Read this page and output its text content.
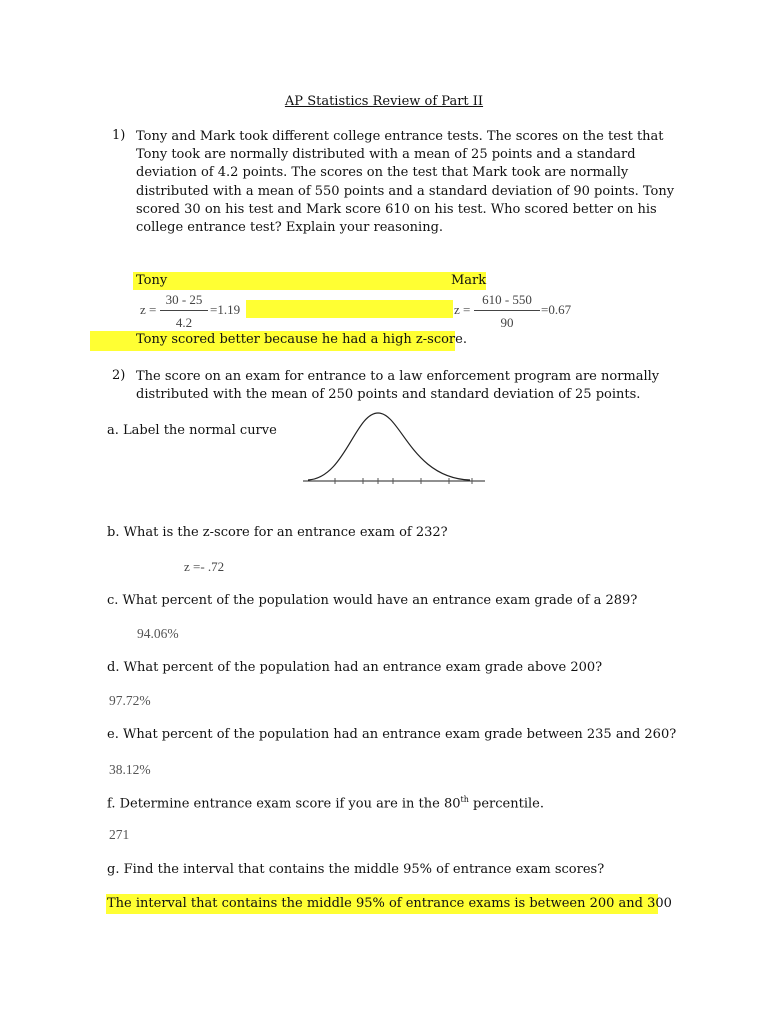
AP Statistics Review of Part II
1) Tony and Mark took different college entrance tests. The scores on the test that
Tony took are normally distributed with a mean of 25 points and a standard
deviation of 4.2 points. The scores on the test that Mark took are normally
distributed with a mean of 550 points and a standard deviation of 90 points. Tony
scored 30 on his test and Mark score 610 on his test. Who scored better on his
college entrance test? Explain your reasoning.
Tony	Mark
z =
30 - 25
4.2
=1.19	z =
610 - 550
90
=0.67
Tony scored better because he had a high z-score.
2) The score on an exam for entrance to a law enforcement program are normally
distributed with the mean of 250 points and standard deviation of 25 points.
a. Label the normal curve
b. What is the z-score for an entrance exam of 232?
z =- .72
c. What percent of the population would have an entrance exam grade of a 289?
94.06%
d. What percent of the population had an entrance exam grade above 200?
97.72%
e. What percent of the population had an entrance exam grade between 235 and 260?
38.12%
f. Determine entrance exam score if you are in the 80th percentile.
271
g. Find the interval that contains the middle 95% of entrance exam scores?
The interval that contains the middle 95% of entrance exams is between 200 and 300
